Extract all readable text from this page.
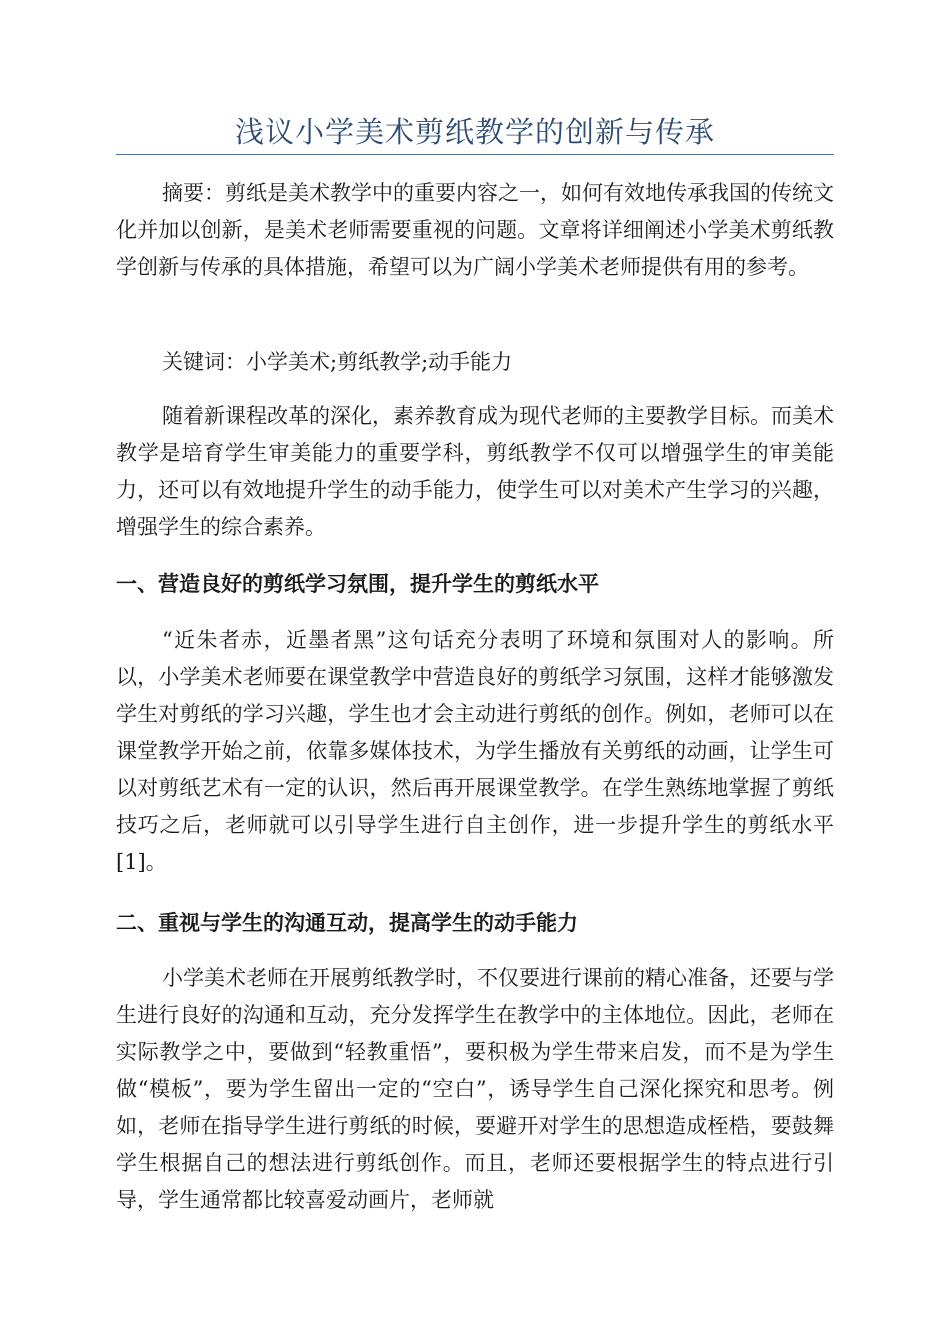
浅议小学美术剪纸教学的创新与传承

摘要：剪纸是美术教学中的重要内容之一，如何有效地传承我国的传统文化并加以创新，是美术老师需要重视的问题。文章将详细阐述小学美术剪纸教学创新与传承的具体措施，希望可以为广阔小学美术老师提供有用的参考。

关键词：小学美术;剪纸教学;动手能力

随着新课程改革的深化，素养教育成为现代老师的主要教学目标。而美术教学是培育学生审美能力的重要学科，剪纸教学不仅可以增强学生的审美能力，还可以有效地提升学生的动手能力，使学生可以对美术产生学习的兴趣，增强学生的综合素养。

一、营造良好的剪纸学习氛围，提升学生的剪纸水平

“近朱者赤，近墨者黑”这句话充分表明了环境和氛围对人的影响。所以，小学美术老师要在课堂教学中营造良好的剪纸学习氛围，这样才能够激发学生对剪纸的学习兴趣，学生也才会主动进行剪纸的创作。例如，老师可以在课堂教学开始之前，依靠多媒体技术，为学生播放有关剪纸的动画，让学生可以对剪纸艺术有一定的认识，然后再开展课堂教学。在学生熟练地掌握了剪纸技巧之后，老师就可以引导学生进行自主创作，进一步提升学生的剪纸水平[1]。

二、重视与学生的沟通互动，提高学生的动手能力

小学美术老师在开展剪纸教学时，不仅要进行课前的精心准备，还要与学生进行良好的沟通和互动，充分发挥学生在教学中的主体地位。因此，老师在实际教学之中，要做到“轻教重悟”，要积极为学生带来启发，而不是为学生做“模板”，要为学生留出一定的“空白”，诱导学生自己深化探究和思考。例如，老师在指导学生进行剪纸的时候，要避开对学生的思想造成桎梏，要鼓舞学生根据自己的想法进行剪纸创作。而且，老师还要根据学生的特点进行引导，学生通常都比较喜爱动画片，老师就
